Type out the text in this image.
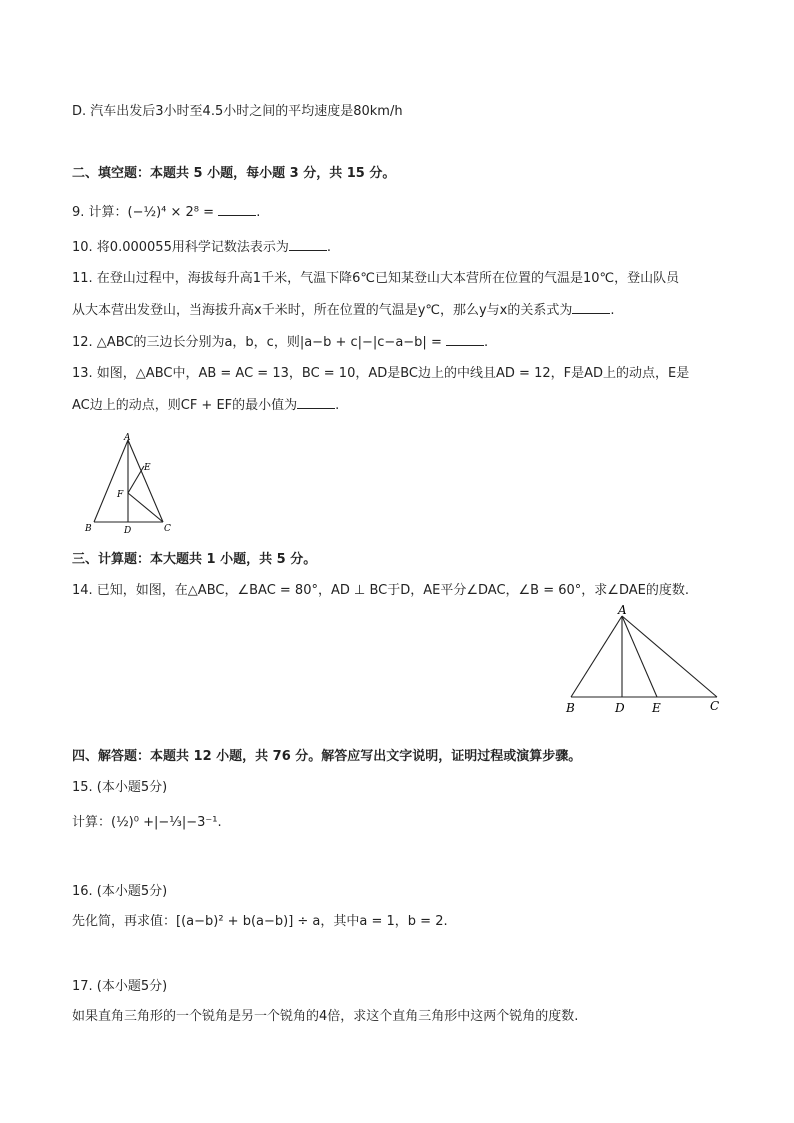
D. 汽车出发后3小时至4.5小时之间的平均速度是80km/h
二、填空题：本题共 5 小题，每小题 3 分，共 15 分。
9. 计算：(−½)⁴ × 2⁸ =	.
10. 将0.000055用科学记数法表示为	.
11. 在登山过程中，海拔每升高1千米，气温下降6℃已知某登山大本营所在位置的气温是10℃，登山队员
从大本营出发登山，当海拔升高x千米时，所在位置的气温是y℃，那么y与x的关系式为	.
12. △ABC的三边长分别为a，b，c，则|a−b + c|−|c−a−b| =	.
13. 如图，△ABC中，AB = AC = 13，BC = 10，AD是BC边上的中线且AD = 12，F是AD上的动点，E是
AC边上的动点，则CF + EF的最小值为	.
A
E
F
B	D	C
三、计算题：本大题共 1 小题，共 5 分。
14. 已知，如图，在△ABC，∠BAC = 80°，AD ⊥ BC于D，AE平分∠DAC，∠B = 60°，求∠DAE的度数.
A
B	D E	C
四、解答题：本题共 12 小题，共 76 分。解答应写出文字说明，证明过程或演算步骤。
15. (本小题5分)
计算：(½)⁰ +|−⅓|−3⁻¹.
16. (本小题5分)
先化简，再求值：[(a−b)² + b(a−b)] ÷ a，其中a = 1，b = 2.
17. (本小题5分)
如果直角三角形的一个锐角是另一个锐角的4倍，求这个直角三角形中这两个锐角的度数.
